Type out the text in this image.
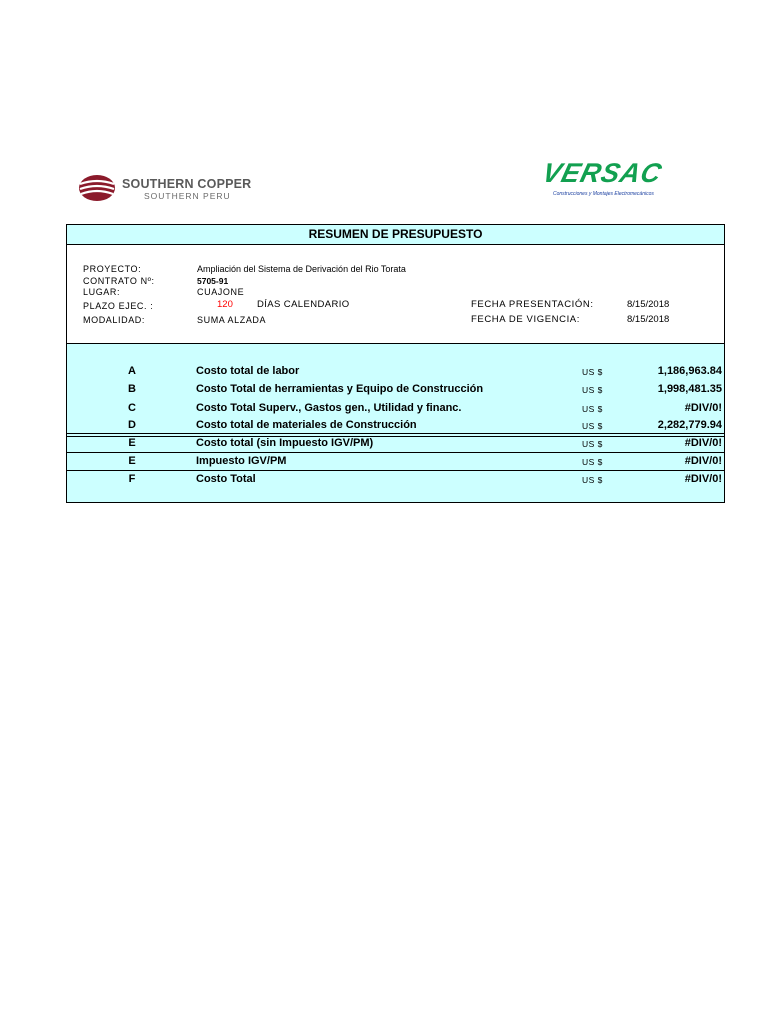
SOUTHERN COPPER
SOUTHERN PERU
VERSAC
Construcciones y Montajes Electromecánicos
RESUMEN DE PRESUPUESTO
PROYECTO:	Ampliación del Sistema de Derivación del Rio Torata
CONTRATO Nº:	5705-91
LUGAR:	CUAJONE
PLAZO EJEC. :	120	DÍAS CALENDARIO	FECHA PRESENTACIÓN:	8/15/2018
MODALIDAD:	SUMA ALZADA	FECHA DE VIGENCIA:	8/15/2018
A	Costo total de labor	US $	1,186,963.84
B	Costo Total de herramientas y Equipo de Construcción	US $	1,998,481.35
C	Costo Total Superv., Gastos gen., Utilidad y financ.	US $	#DIV/0!
D	Costo total de materiales de Construcción	US $	2,282,779.94
E	Costo total (sin Impuesto IGV/PM)	US $	#DIV/0!
E	Impuesto IGV/PM	US $	#DIV/0!
F	Costo Total	US $	#DIV/0!
